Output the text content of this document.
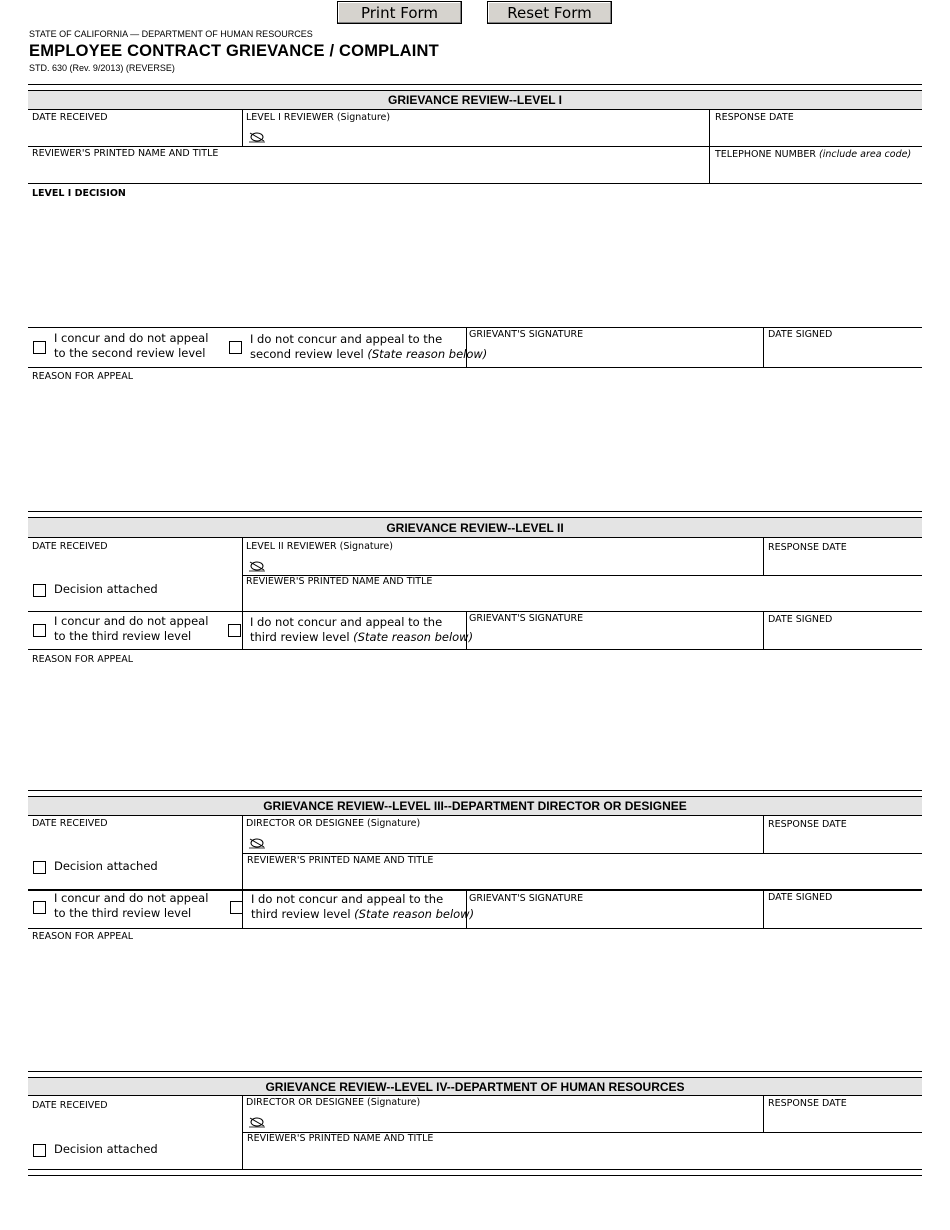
Print Form	Reset Form
STATE OF CALIFORNIA — DEPARTMENT OF HUMAN RESOURCES
EMPLOYEE CONTRACT GRIEVANCE / COMPLAINT
STD. 630 (Rev. 9/2013) (REVERSE)
GRIEVANCE REVIEW--LEVEL I
DATE RECEIVED	LEVEL I REVIEWER (Signature)	RESPONSE DATE
REVIEWER'S PRINTED NAME AND TITLE	TELEPHONE NUMBER (include area code)
LEVEL I DECISION
I concur and do not appeal
to the second review level
I do not concur and appeal to the
second review level (State reason below)
GRIEVANT'S SIGNATURE	DATE SIGNED
REASON FOR APPEAL
GRIEVANCE REVIEW--LEVEL II
DATE RECEIVED	LEVEL II REVIEWER (Signature)	RESPONSE DATE
Decision attached
REVIEWER'S PRINTED NAME AND TITLE
I concur and do not appeal
to the third review level
I do not concur and appeal to the
third review level (State reason below)
GRIEVANT'S SIGNATURE	DATE SIGNED
REASON FOR APPEAL
GRIEVANCE REVIEW--LEVEL III--DEPARTMENT DIRECTOR OR DESIGNEE
DATE RECEIVED	DIRECTOR OR DESIGNEE (Signature)	RESPONSE DATE
Decision attached	REVIEWER'S PRINTED NAME AND TITLE
I concur and do not appeal
to the third review level
I do not concur and appeal to the
third review level (State reason below)
GRIEVANT'S SIGNATURE	DATE SIGNED
REASON FOR APPEAL
GRIEVANCE REVIEW--LEVEL IV--DEPARTMENT OF HUMAN RESOURCES
DATE RECEIVED	DIRECTOR OR DESIGNEE (Signature)	RESPONSE DATE
Decision attached
REVIEWER'S PRINTED NAME AND TITLE
